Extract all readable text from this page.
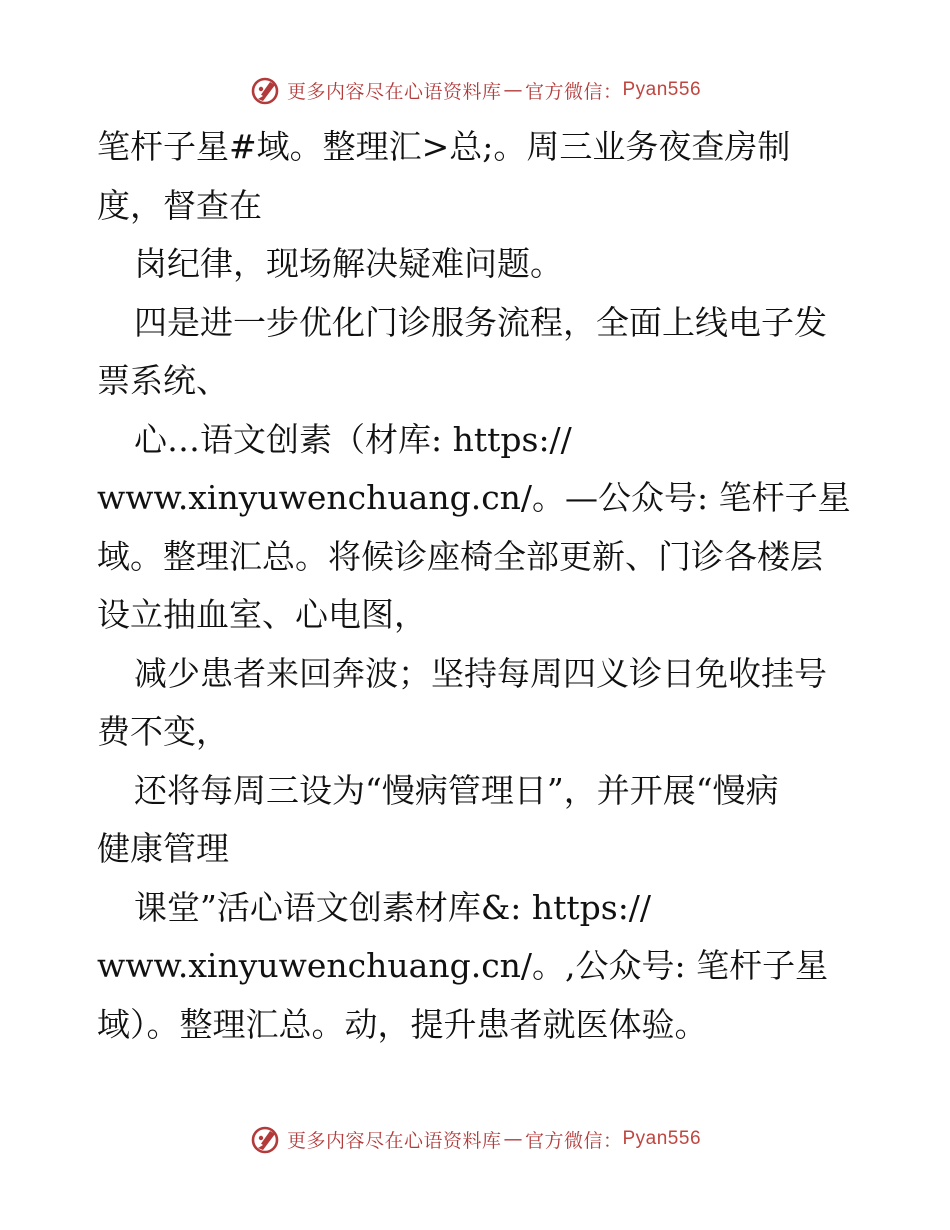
更多内容尽在心语资料库 — 官方微信： Pyan556
笔杆子星#域。整理汇>总;。周三业务夜查房制
度，督查在
岗纪律，现场解决疑难问题。
四是进一步优化门诊服务流程，全面上线电子发
票系统、
心…语文创素（材库: https://
www.xinyuwenchuang.cn/。—公众号: 笔杆子星
域。整理汇总。将候诊座椅全部更新、门诊各楼层
设立抽血室、心电图，
减少患者来回奔波；坚持每周四义诊日免收挂号
费不变，
还将每周三设为“慢病管理日”，并开展“慢病
健康管理
课堂”活心语文创素材库&: https://
www.xinyuwenchuang.cn/。,公众号: 笔杆子星
域）。整理汇总。动，提升患者就医体验。
更多内容尽在心语资料库 — 官方微信： Pyan556
